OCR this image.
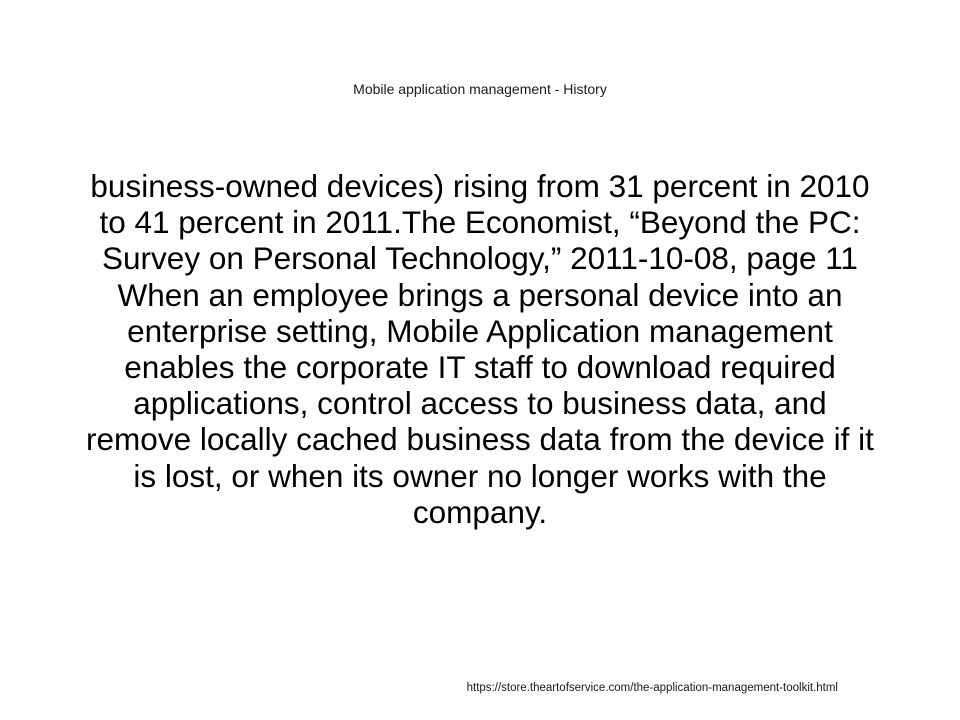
Mobile application management - History
business-owned devices) rising from 31 percent in 2010 to 41 percent in 2011.The Economist, “Beyond the PC: Survey on Personal Technology,” 2011-10-08, page 11 When an employee brings a personal device into an enterprise setting, Mobile Application management enables the corporate IT staff to download required applications, control access to business data, and remove locally cached business data from the device if it is lost, or when its owner no longer works with the company.
https://store.theartofservice.com/the-application-management-toolkit.html
